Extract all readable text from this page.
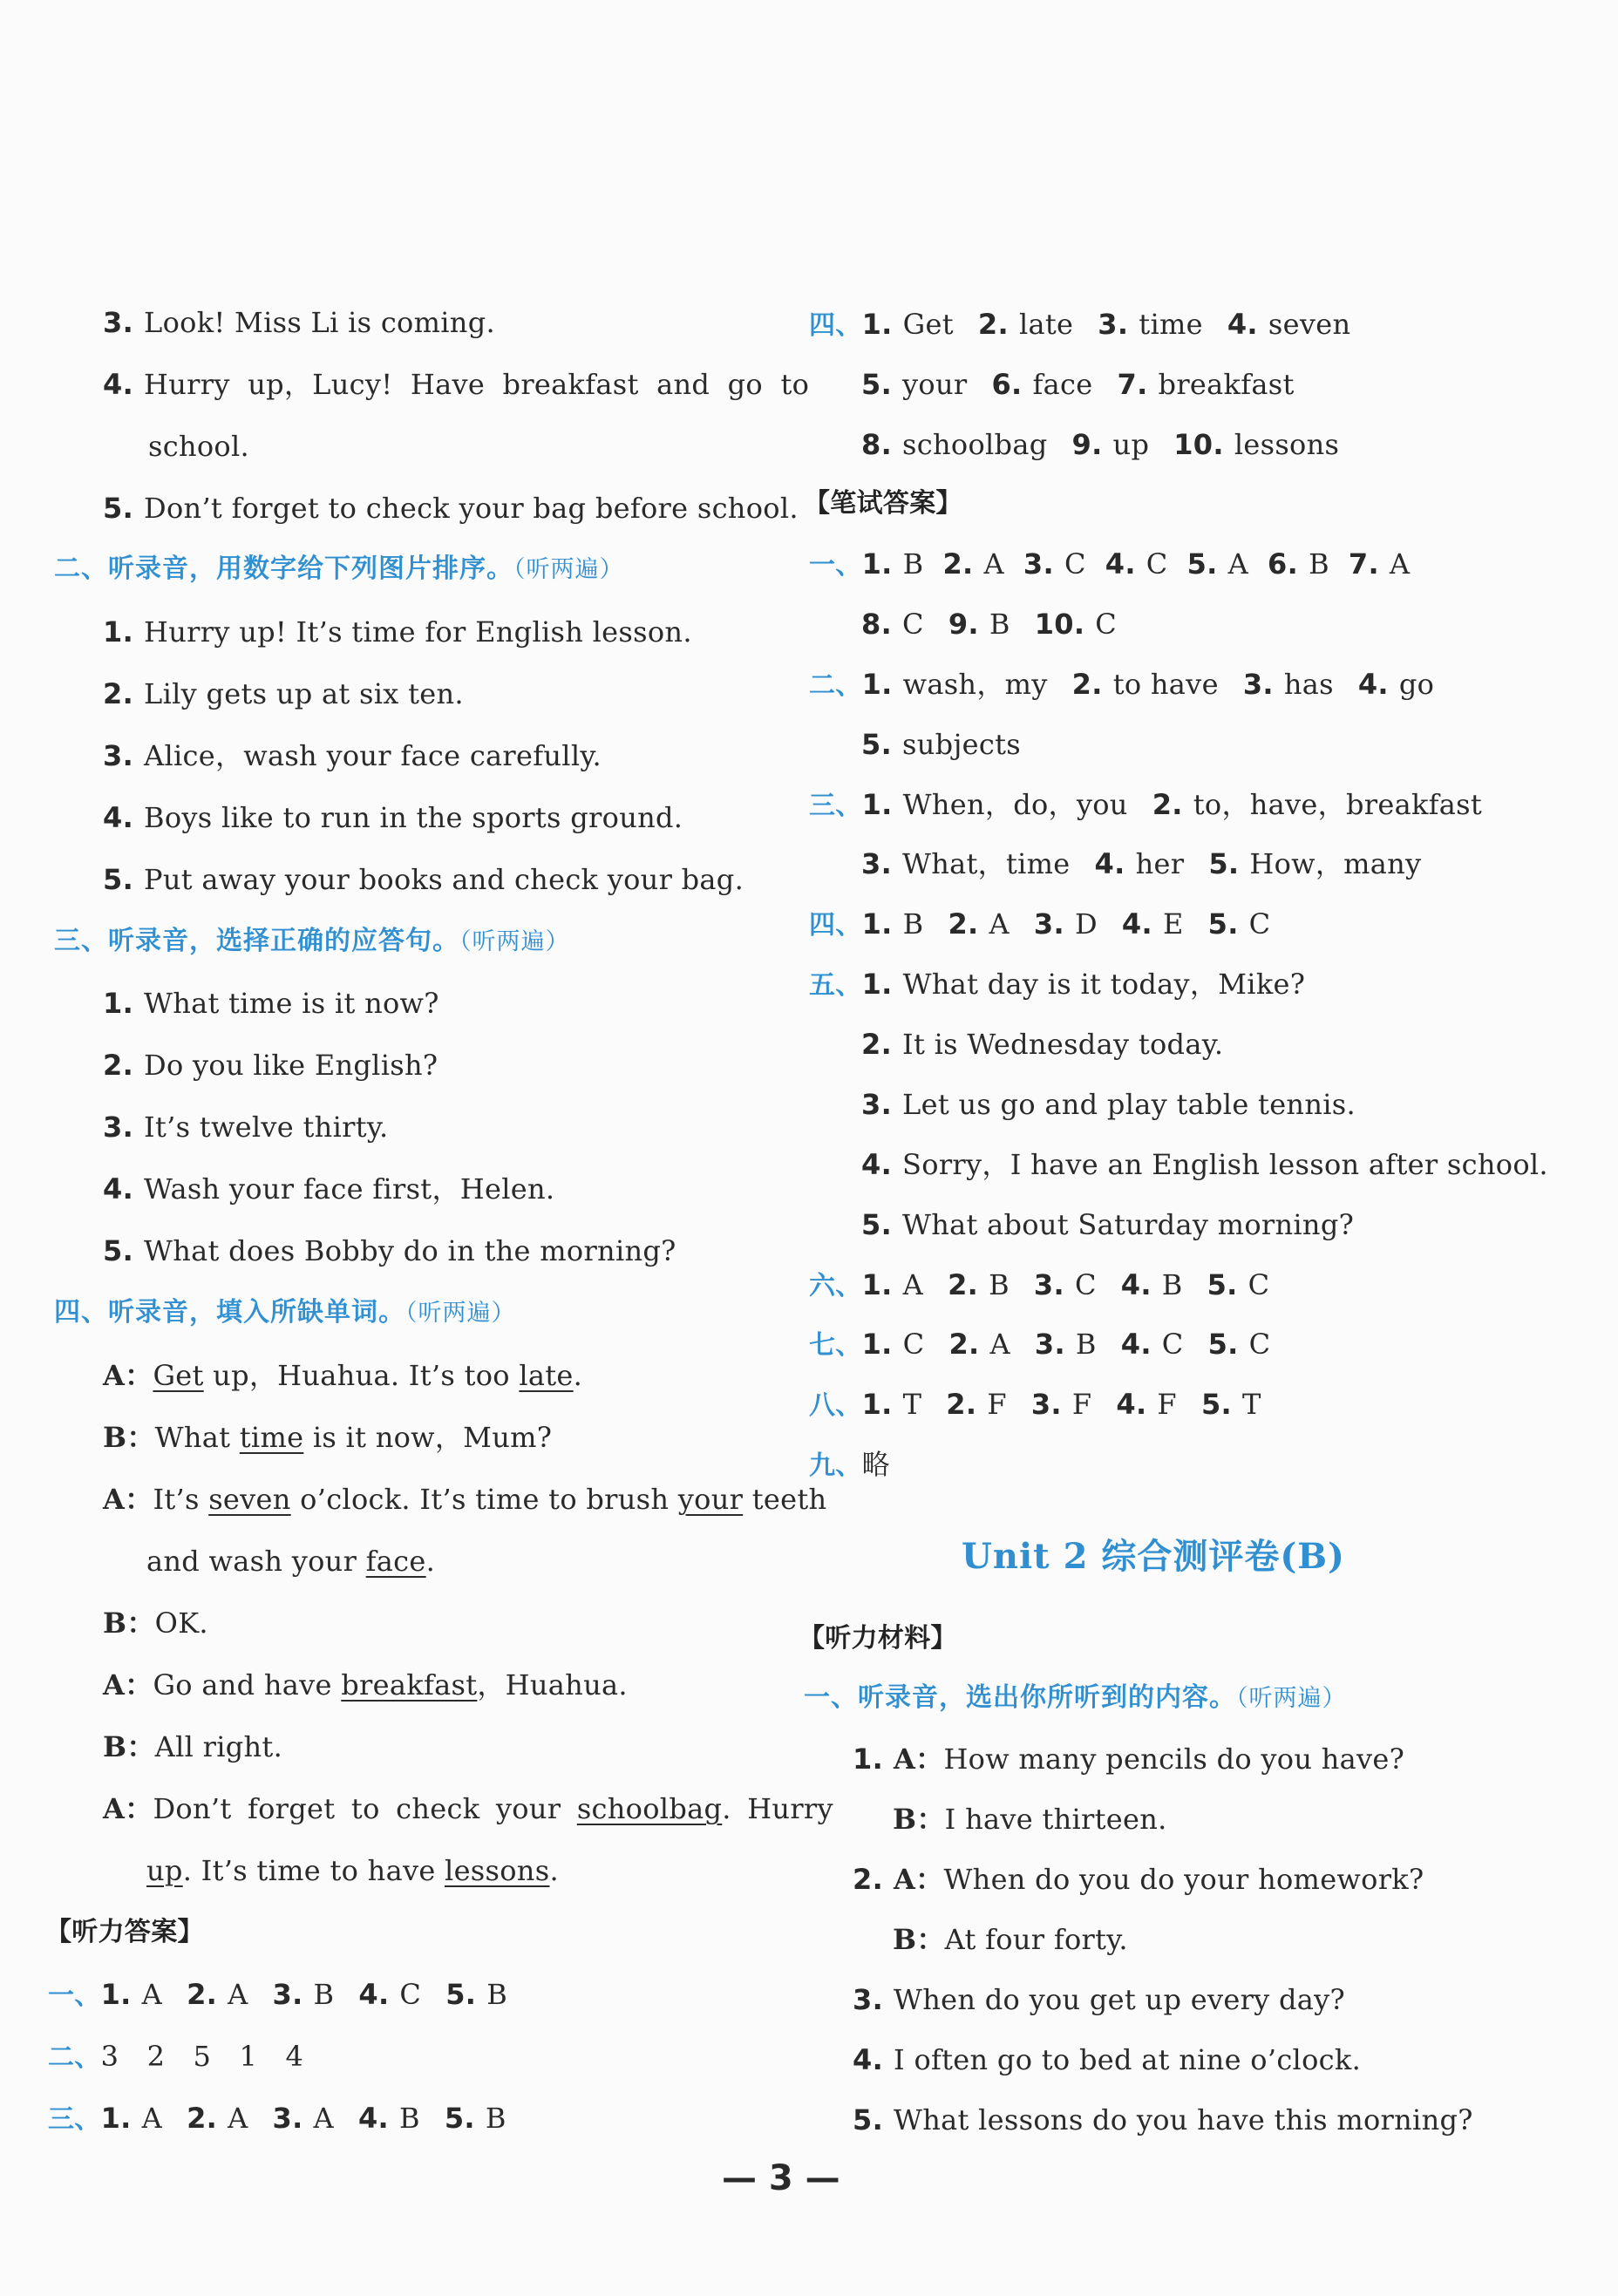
3. Look! Miss Li is coming.
4. Hurry up，Lucy! Have breakfast and go to
school.
5. Don’t forget to check your bag before school.
二、听录音，用数字给下列图片排序。（听两遍）
1. Hurry up! It’s time for English lesson.
2. Lily gets up at six ten.
3. Alice，wash your face carefully.
4. Boys like to run in the sports ground.
5. Put away your books and check your bag.
三、听录音，选择正确的应答句。（听两遍）
1. What time is it now?
2. Do you like English?
3. It’s twelve thirty.
4. Wash your face first，Helen.
5. What does Bobby do in the morning?
四、听录音，填入所缺单词。（听两遍）
A：Get up，Huahua. It’s too late.
B：What time is it now，Mum?
A：It’s seven o’clock. It’s time to brush your teeth
and wash your face.
B：OK.
A：Go and have breakfast，Huahua.
B：All right.
A：Don’t forget to check your schoolbag. Hurry
up. It’s time to have lessons.
【听力答案】
一、1. A 2. A 3. B 4. C 5. B
二、3　2　5　1　4
三、1. A 2. A 3. A 4. B 5. B
四、1. Get 2. late 3. time 4. seven
5. your 6. face 7. breakfast
8. schoolbag 9. up 10. lessons
【笔试答案】
一、1. B 2. A 3. C 4. C 5. A 6. B 7. A
8. C 9. B 10. C
二、1. wash，my 2. to have 3. has 4. go
5. subjects
三、1. When，do，you 2. to，have，breakfast
3. What，time 4. her 5. How，many
四、1. B 2. A 3. D 4. E 5. C
五、1. What day is it today，Mike?
2. It is Wednesday today.
3. Let us go and play table tennis.
4. Sorry，I have an English lesson after school.
5. What about Saturday morning?
六、1. A 2. B 3. C 4. B 5. C
七、1. C 2. A 3. B 4. C 5. C
八、1. T 2. F 3. F 4. F 5. T
九、略
【听力材料】
一、听录音，选出你所听到的内容。（听两遍）
1. A：How many pencils do you have?
B：I have thirteen.
2. A：When do you do your homework?
B：At four forty.
3. When do you get up every day?
4. I often go to bed at nine o’clock.
5. What lessons do you have this morning?
Unit 2 综合测评卷(B)
— 3 —
